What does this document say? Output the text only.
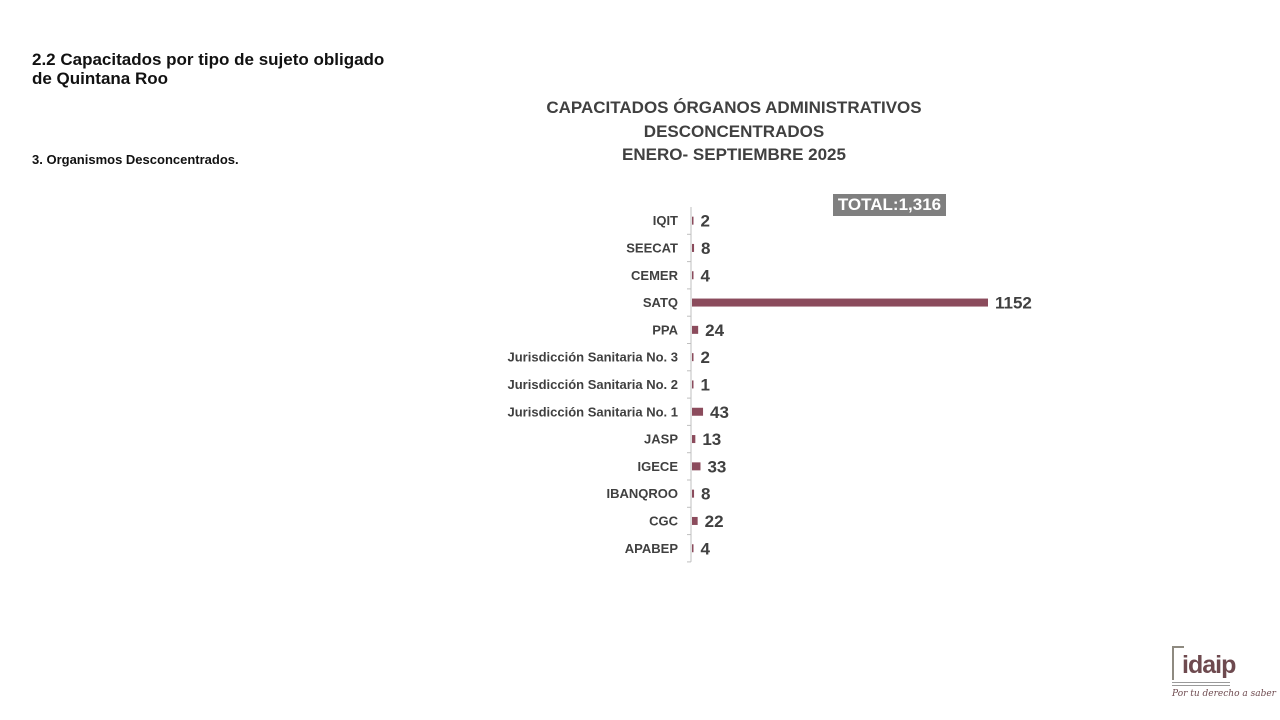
2.2 Capacitados por tipo de sujeto obligado de Quintana Roo
3. Organismos Desconcentrados.
CAPACITADOS ÓRGANOS ADMINISTRATIVOS
DESCONCENTRADOS
ENERO- SEPTIEMBRE 2025
TOTAL:1,316
IQIT 2
SEECAT 8
CEMER 4
SATQ	1152
PPA 24
Jurisdicción Sanitaria No. 3 2
Jurisdicción Sanitaria No. 2 1
Jurisdicción Sanitaria No. 1 43
JASP 13
IGECE 33
IBANQROO 8
CGC 22
APABEP 4
idaip
Por tu derecho a saber
